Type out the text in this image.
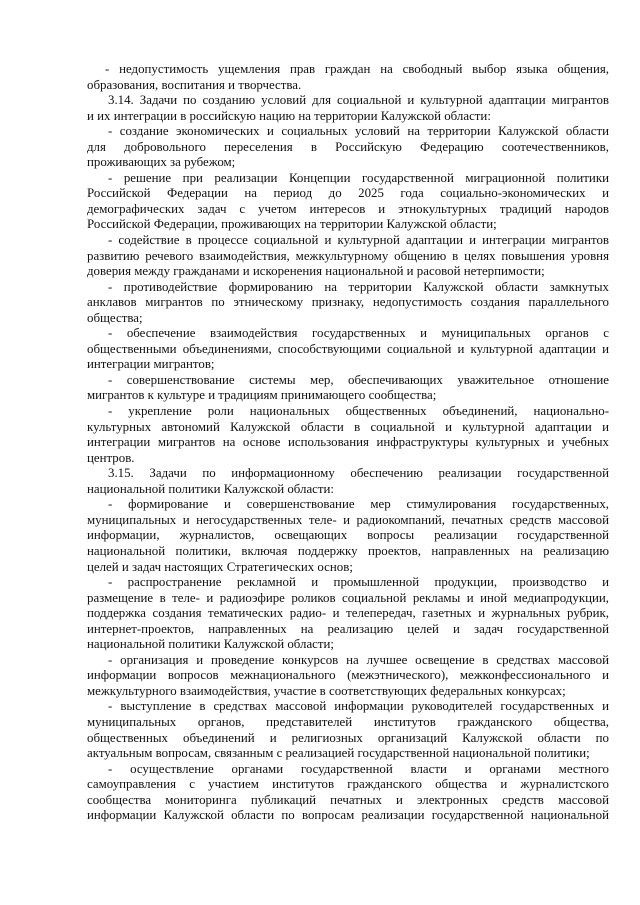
- недопустимость ущемления прав граждан на свободный выбор языка общения,
образования, воспитания и творчества.
3.14. Задачи по созданию условий для социальной и культурной адаптации мигрантов
и их интеграции в российскую нацию на территории Калужской области:
- создание экономических и социальных условий на территории Калужской области
для добровольного переселения в Российскую Федерацию соотечественников,
проживающих за рубежом;
- решение при реализации Концепции государственной миграционной политики
Российской Федерации на период до 2025 года социально-экономических и
демографических задач с учетом интересов и этнокультурных традиций народов
Российской Федерации, проживающих на территории Калужской области;
- содействие в процессе социальной и культурной адаптации и интеграции мигрантов
развитию речевого взаимодействия, межкультурному общению в целях повышения уровня
доверия между гражданами и искоренения национальной и расовой нетерпимости;
- противодействие формированию на территории Калужской области замкнутых
анклавов мигрантов по этническому признаку, недопустимость создания параллельного
общества;
- обеспечение взаимодействия государственных и муниципальных органов с
общественными объединениями, способствующими социальной и культурной адаптации и
интеграции мигрантов;
- совершенствование системы мер, обеспечивающих уважительное отношение
мигрантов к культуре и традициям принимающего сообщества;
- укрепление роли национальных общественных объединений, национально-
культурных автономий Калужской области в социальной и культурной адаптации и
интеграции мигрантов на основе использования инфраструктуры культурных и учебных
центров.
3.15. Задачи по информационному обеспечению реализации государственной
национальной политики Калужской области:
- формирование и совершенствование мер стимулирования государственных,
муниципальных и негосударственных теле- и радиокомпаний, печатных средств массовой
информации, журналистов, освещающих вопросы реализации государственной
национальной политики, включая поддержку проектов, направленных на реализацию
целей и задач настоящих Стратегических основ;
- распространение рекламной и промышленной продукции, производство и
размещение в теле- и радиоэфире роликов социальной рекламы и иной медиапродукции,
поддержка создания тематических радио- и телепередач, газетных и журнальных рубрик,
интернет-проектов, направленных на реализацию целей и задач государственной
национальной политики Калужской области;
- организация и проведение конкурсов на лучшее освещение в средствах массовой
информации вопросов межнационального (межэтнического), межконфессионального и
межкультурного взаимодействия, участие в соответствующих федеральных конкурсах;
- выступление в средствах массовой информации руководителей государственных и
муниципальных органов, представителей институтов гражданского общества,
общественных объединений и религиозных организаций Калужской области по
актуальным вопросам, связанным с реализацией государственной национальной политики;
- осуществление органами государственной власти и органами местного
самоуправления с участием институтов гражданского общества и журналистского
сообщества мониторинга публикаций печатных и электронных средств массовой
информации Калужской области по вопросам реализации государственной национальной
